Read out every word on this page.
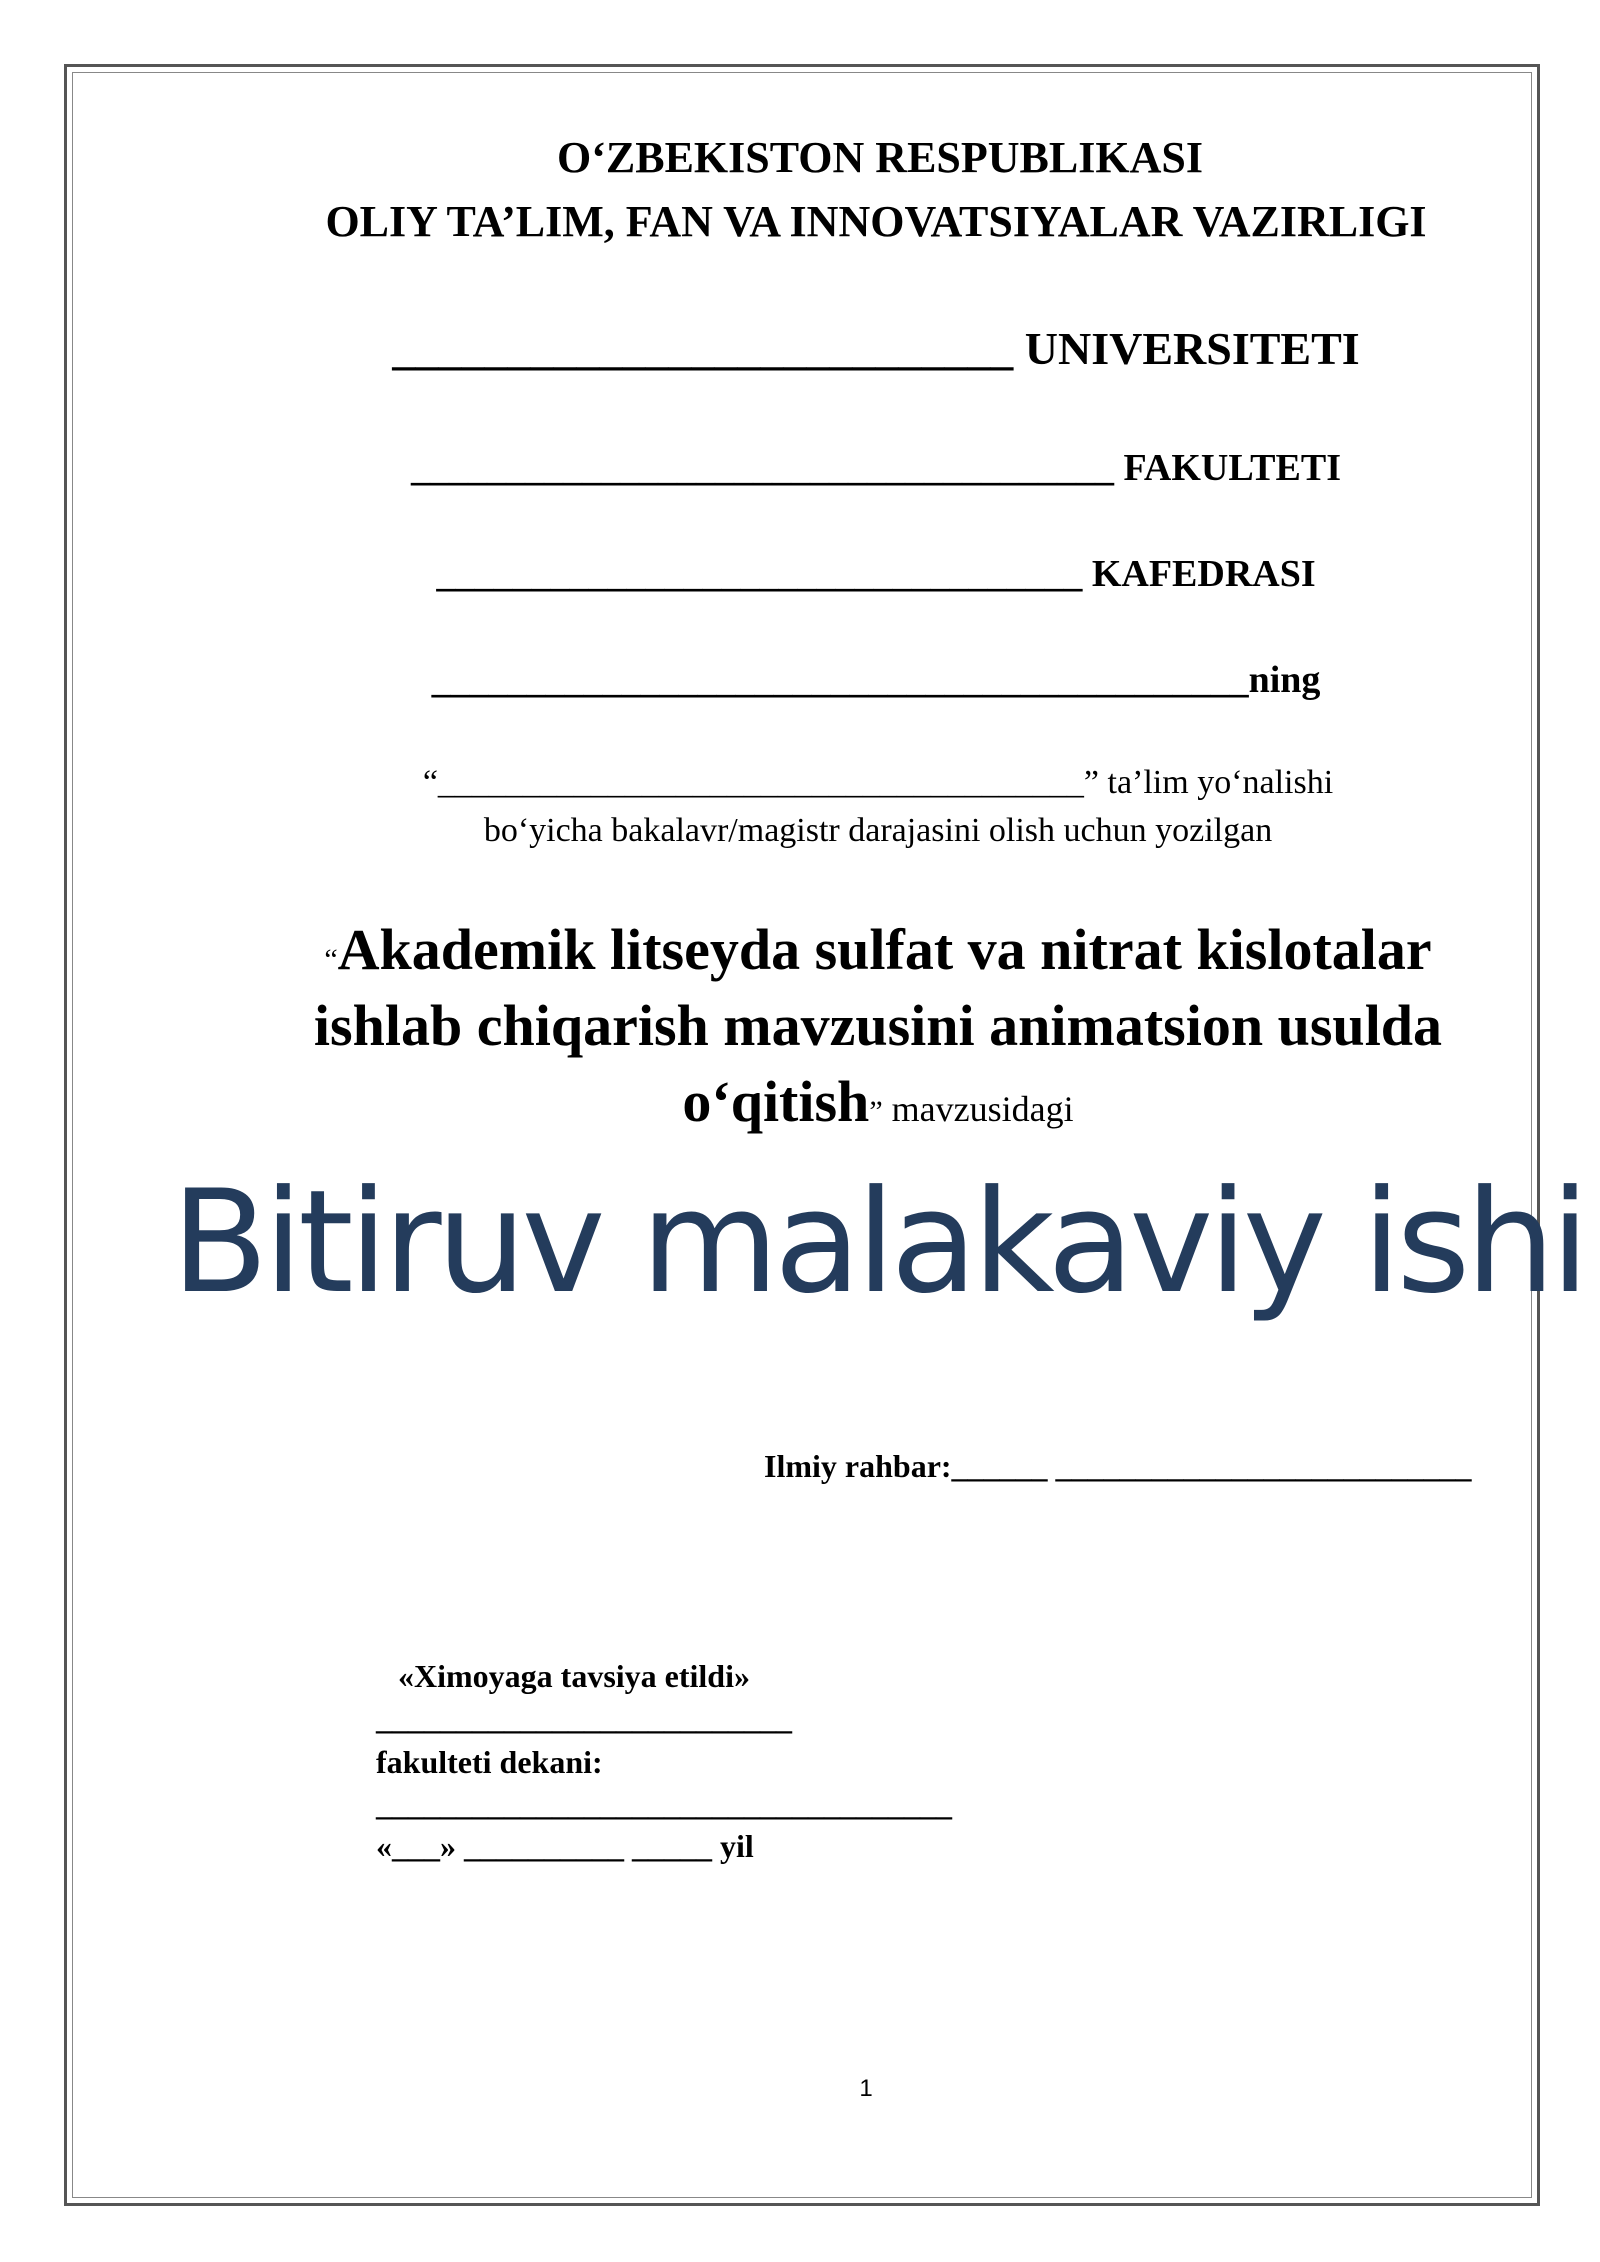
O‘ZBEKISTON RESPUBLIKASI
OLIY TA’LIM, FAN VA INNOVATSIYALAR VAZIRLIGI
___________________________ UNIVERSITETI
_____________________________________ FAKULTETI
__________________________________ KAFEDRASI
___________________________________________ning
“______________________________________” ta’lim yo‘nalishi
bo‘yicha bakalavr/magistr darajasini olish uchun yozilgan
“Akademik litseyda sulfat va nitrat kislotalar
ishlab chiqarish mavzusini animatsion usulda
o‘qitish” mavzusidagi
Bitiruv malakaviy ishi
Ilmiy rahbar:______ __________________________
«Ximoyaga tavsiya etildi»
__________________________
fakulteti dekani:
____________________________________
«___» __________ _____ yil
1
